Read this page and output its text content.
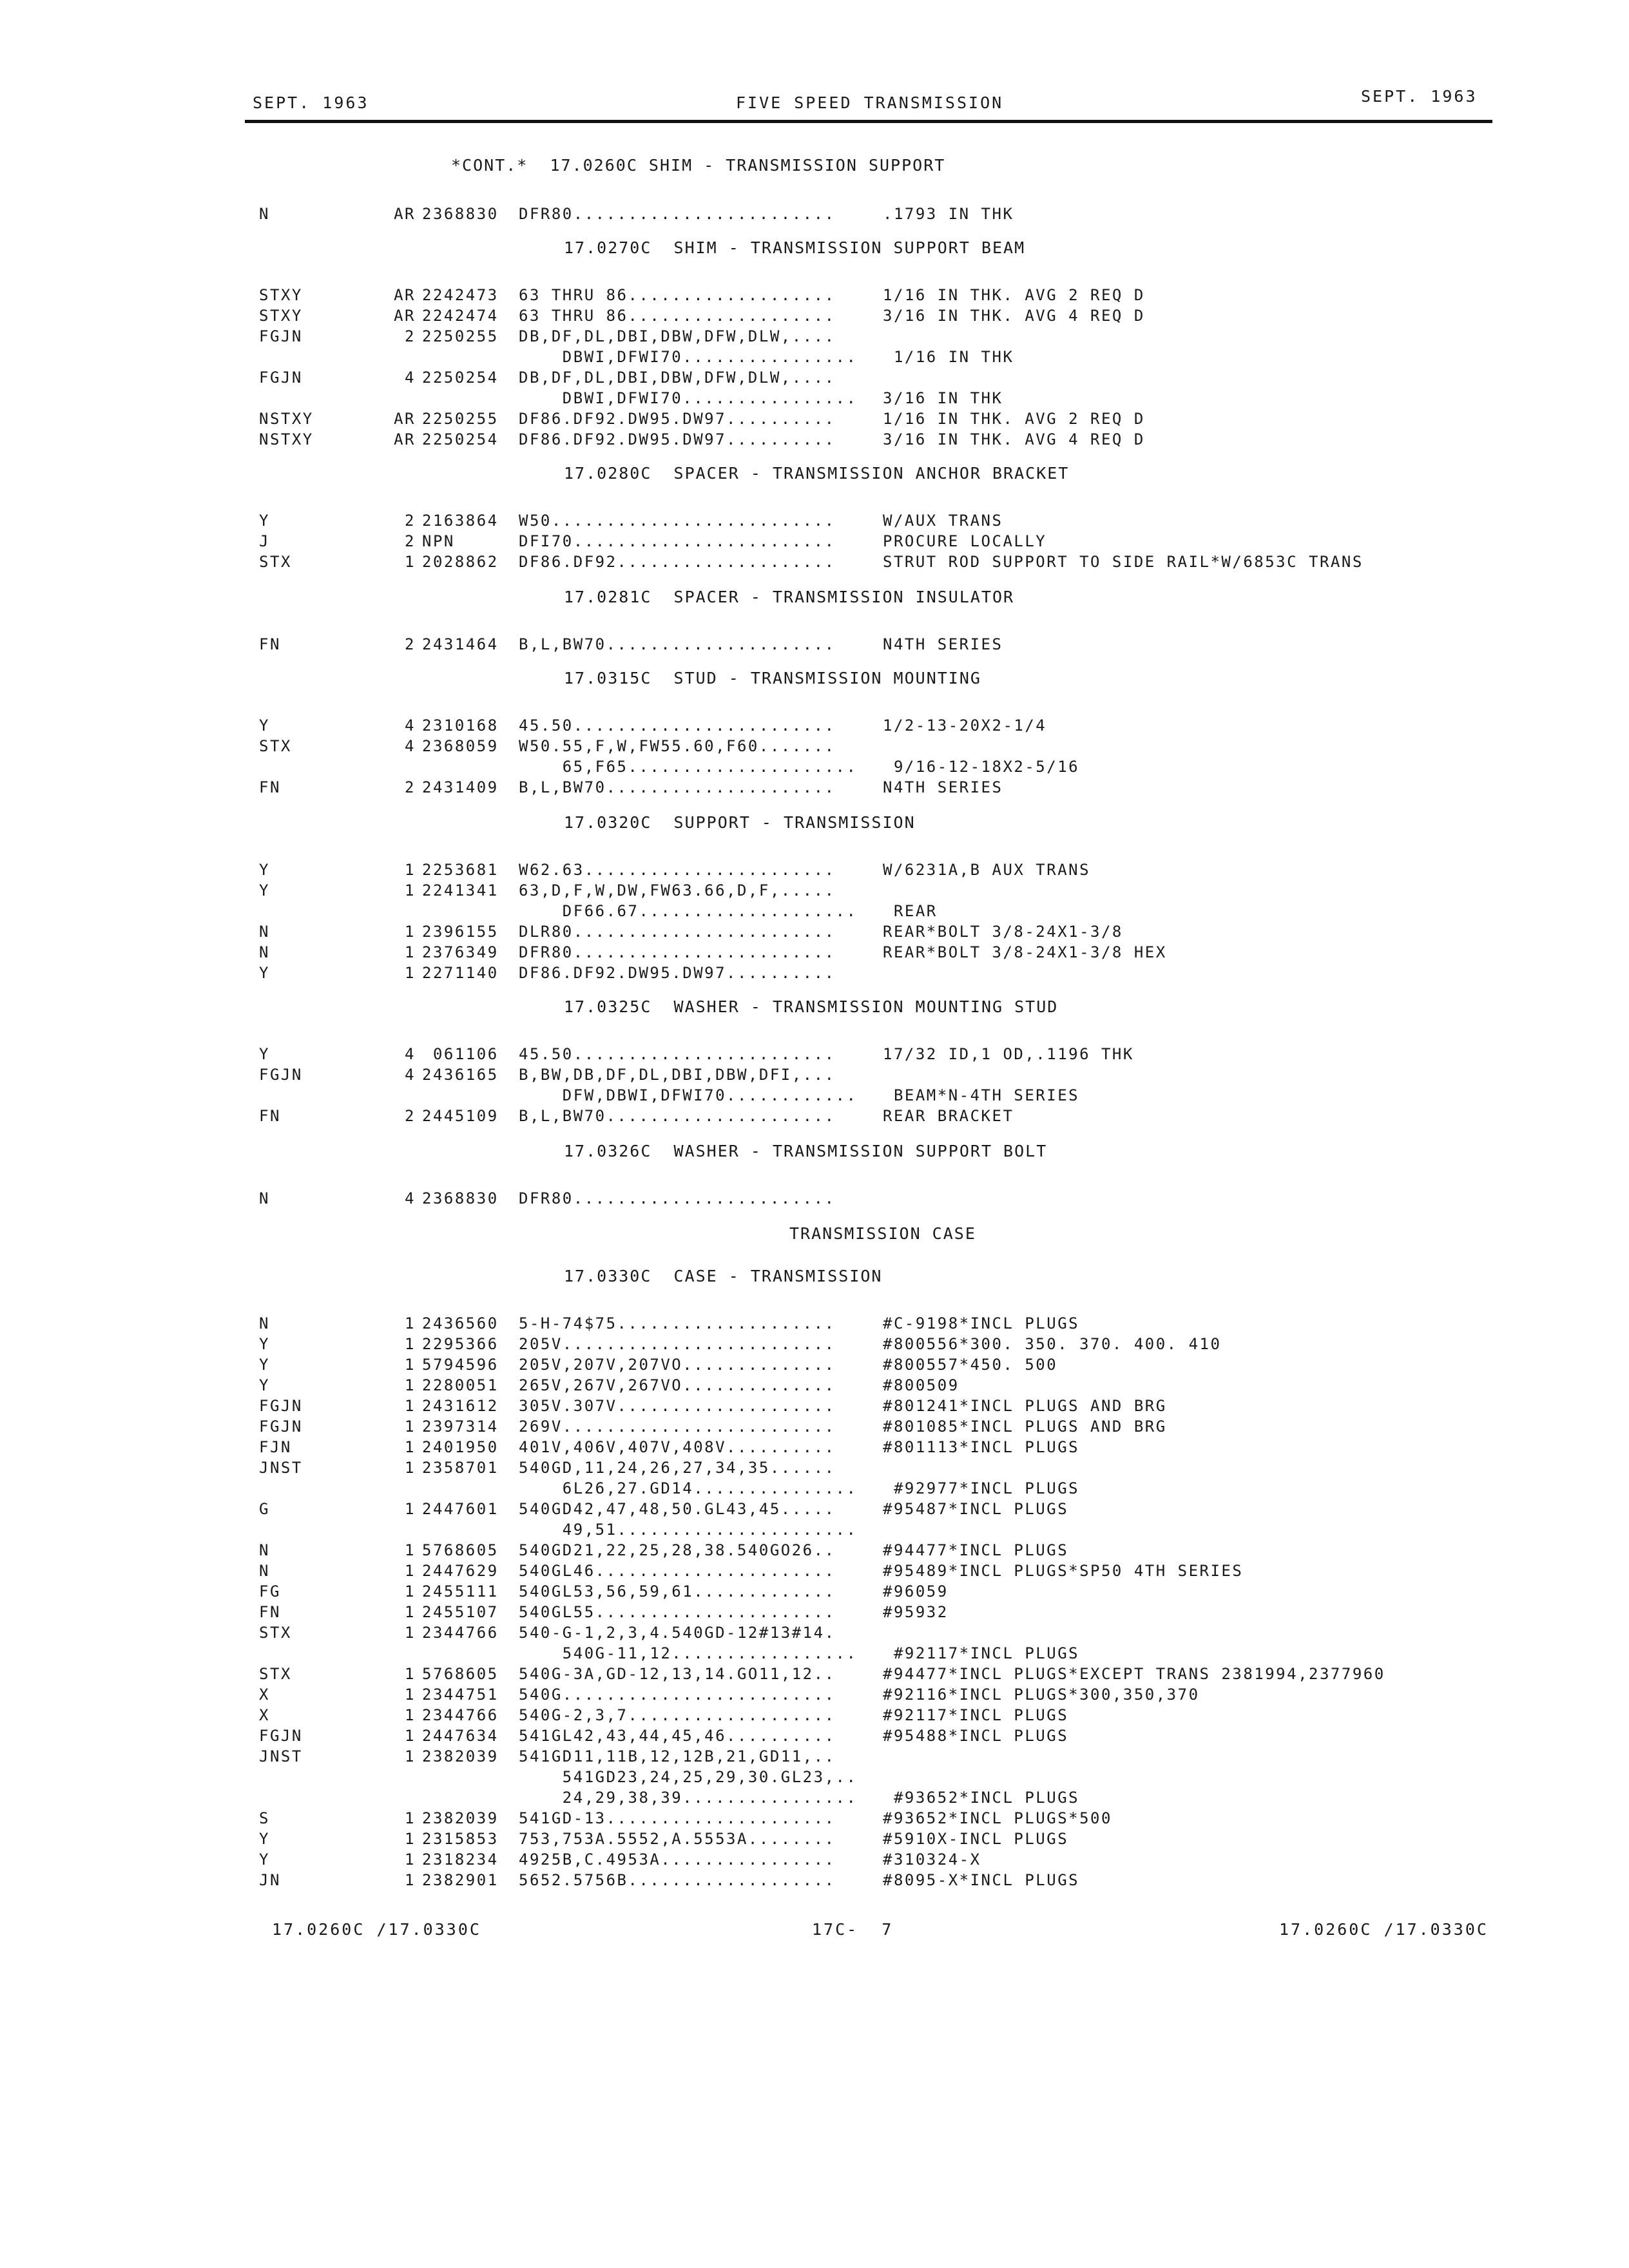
SEPT. 1963	FIVE SPEED TRANSMISSION	SEPT. 1963
*CONT.*  17.0260C SHIM - TRANSMISSION SUPPORT
N	AR 2368830	DFR80........................	.1793 IN THK
17.0270C  SHIM - TRANSMISSION SUPPORT BEAM
STXY	AR 2242473	63 THRU 86...................	1/16 IN THK. AVG 2 REQ D
STXY	AR 2242474	63 THRU 86...................	3/16 IN THK. AVG 4 REQ D
FGJN	2 2250255	DB,DF,DL,DBI,DBW,DFW,DLW,....
DBWI,DFWI70................ 1/16 IN THK
FGJN	4 2250254	DB,DF,DL,DBI,DBW,DFW,DLW,....
DBWI,DFWI70................ 3/16 IN THK
NSTXY	AR 2250255	DF86.DF92.DW95.DW97..........	1/16 IN THK. AVG 2 REQ D
NSTXY	AR 2250254	DF86.DF92.DW95.DW97..........	3/16 IN THK. AVG 4 REQ D
17.0280C  SPACER - TRANSMISSION ANCHOR BRACKET
Y	2 2163864	W50..........................	W/AUX TRANS
J	2 NPN	DFI70........................	PROCURE LOCALLY
STX	1 2028862	DF86.DF92....................	STRUT ROD SUPPORT TO SIDE RAIL*W/6853C TRANS
17.0281C  SPACER - TRANSMISSION INSULATOR
FN	2 2431464	B,L,BW70.....................	N4TH SERIES
17.0315C  STUD - TRANSMISSION MOUNTING
Y	4 2310168	45.50........................	1/2-13-20X2-1/4
STX	4 2368059	W50.55,F,W,FW55.60,F60.......
65,F65..................... 9/16-12-18X2-5/16
FN	2 2431409	B,L,BW70.....................	N4TH SERIES
17.0320C  SUPPORT - TRANSMISSION
Y	1 2253681	W62.63.......................	W/6231A,B AUX TRANS
Y	1 2241341	63,D,F,W,DW,FW63.66,D,F,.....
DF66.67.................... REAR
N	1 2396155	DLR80........................	REAR*BOLT 3/8-24X1-3/8
N	1 2376349	DFR80........................	REAR*BOLT 3/8-24X1-3/8 HEX
Y	1 2271140	DF86.DF92.DW95.DW97..........
17.0325C  WASHER - TRANSMISSION MOUNTING STUD
Y	4 061106	45.50........................	17/32 ID,1 OD,.1196 THK
FGJN	4 2436165	B,BW,DB,DF,DL,DBI,DBW,DFI,...
DFW,DBWI,DFWI70............ BEAM*N-4TH SERIES
FN	2 2445109	B,L,BW70.....................	REAR BRACKET
17.0326C  WASHER - TRANSMISSION SUPPORT BOLT
N	4 2368830	DFR80........................
TRANSMISSION CASE
17.0330C  CASE - TRANSMISSION
N	1 2436560	5-H-74$75....................	#C-9198*INCL PLUGS
Y	1 2295366	205V.........................	#800556*300. 350. 370. 400. 410
Y	1 5794596	205V,207V,207VO..............	#800557*450. 500
Y	1 2280051	265V,267V,267VO..............	#800509
FGJN	1 2431612	305V.307V....................	#801241*INCL PLUGS AND BRG
FGJN	1 2397314	269V.........................	#801085*INCL PLUGS AND BRG
FJN	1 2401950	401V,406V,407V,408V..........	#801113*INCL PLUGS
JNST	1 2358701	540GD,11,24,26,27,34,35......
6L26,27.GD14............... #92977*INCL PLUGS
G	1 2447601	540GD42,47,48,50.GL43,45.....	#95487*INCL PLUGS
49,51......................
N	1 5768605	540GD21,22,25,28,38.540GO26..	#94477*INCL PLUGS
N	1 2447629	540GL46......................	#95489*INCL PLUGS*SP50 4TH SERIES
FG	1 2455111	540GL53,56,59,61.............	#96059
FN	1 2455107	540GL55......................	#95932
STX	1 2344766	540-G-1,2,3,4.540GD-12#13#14.
540G-11,12................. #92117*INCL PLUGS
STX	1 5768605	540G-3A,GD-12,13,14.GO11,12..	#94477*INCL PLUGS*EXCEPT TRANS 2381994,2377960
X	1 2344751	540G.........................	#92116*INCL PLUGS*300,350,370
X	1 2344766	540G-2,3,7...................	#92117*INCL PLUGS
FGJN	1 2447634	541GL42,43,44,45,46..........	#95488*INCL PLUGS
JNST	1 2382039	541GD11,11B,12,12B,21,GD11,..
541GD23,24,25,29,30.GL23,..
24,29,38,39................ #93652*INCL PLUGS
S	1 2382039	541GD-13.....................	#93652*INCL PLUGS*500
Y	1 2315853	753,753A.5552,A.5553A........	#5910X-INCL PLUGS
Y	1 2318234	4925B,C.4953A................	#310324-X
JN	1 2382901	5652.5756B...................	#8095-X*INCL PLUGS
17.0260C /17.0330C	17C-  7	17.0260C /17.0330C
